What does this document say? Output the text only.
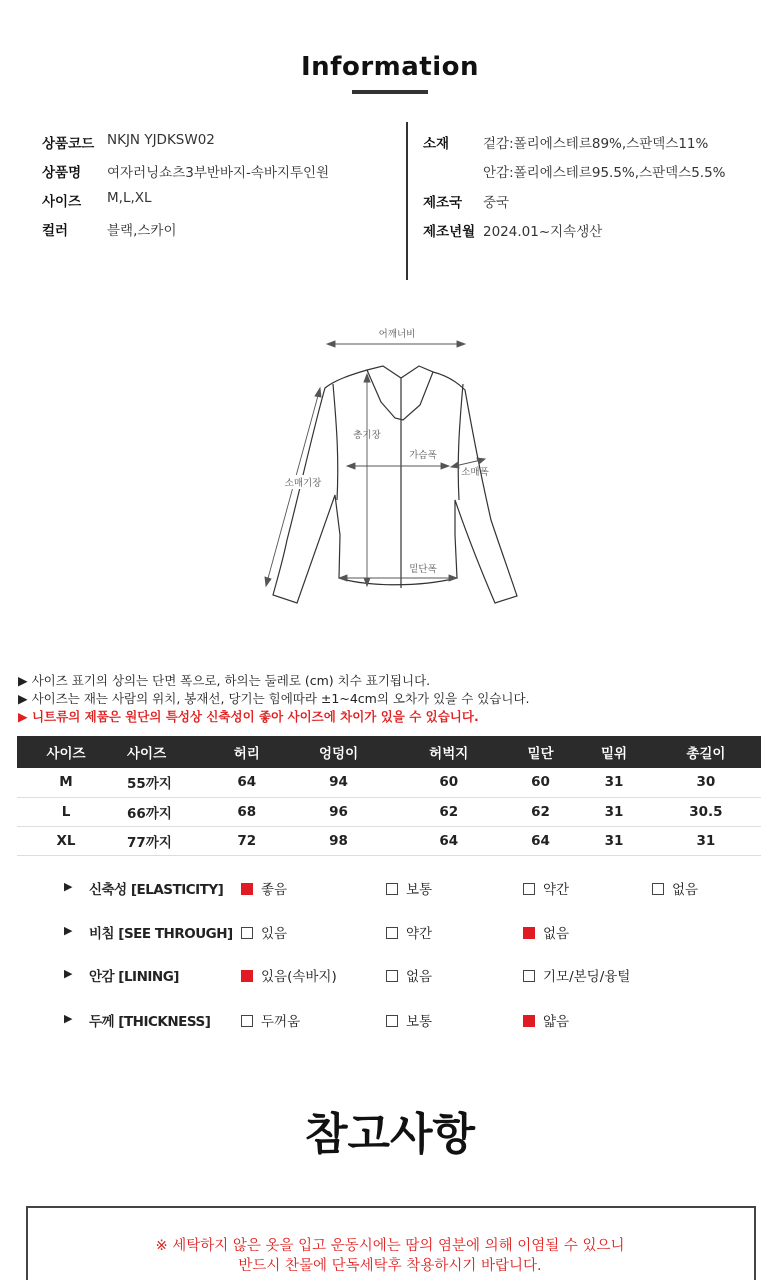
Information
상품코드 NKJN YJDKSW02
상품명 여자러닝쇼츠3부반바지-속바지투인원
사이즈 M,L,XL
컬러	블랙,스카이
소재	겉감:폴리에스테르89%,스판덱스11%
안감:폴리에스테르95.5%,스판덱스5.5%
제조국 중국
제조년월 2024.01~지속생산
어깨너비
총기장
가슴폭
소매폭
소매기장
밑단폭
▶ 사이즈 표기의 상의는 단면 폭으로, 하의는 둘레로 (cm) 치수 표기됩니다.
▶ 사이즈는 재는 사람의 위치, 봉재선, 당기는 힘에따라 ±1~4cm의 오차가 있을 수 있습니다.
▶ 니트류의 제품은 원단의 특성상 신축성이 좋아 사이즈에 차이가 있을 수 있습니다.
사이즈	사이즈	허리	엉덩이	허벅지	밑단	밑위	총길이
M	55까지	64	94	60	60	31	30
L	66까지	68	96	62	62	31	30.5
XL	77까지	72	98	64	64	31	31
▶ 신축성 [ELASTICITY]	좋음	보통	약간	없음
▶ 비침 [SEE THROUGH]	있음	약간	없음
▶ 안감 [LINING]	있음(속바지)	없음	기모/본딩/융털
▶ 두께 [THICKNESS]	두꺼움	보통	얇음
참고사항
※ 세탁하지 않은 옷을 입고 운동시에는 땀의 염분에 의해 이염될 수 있으니
반드시 찬물에 단독세탁후 착용하시기 바랍니다.
